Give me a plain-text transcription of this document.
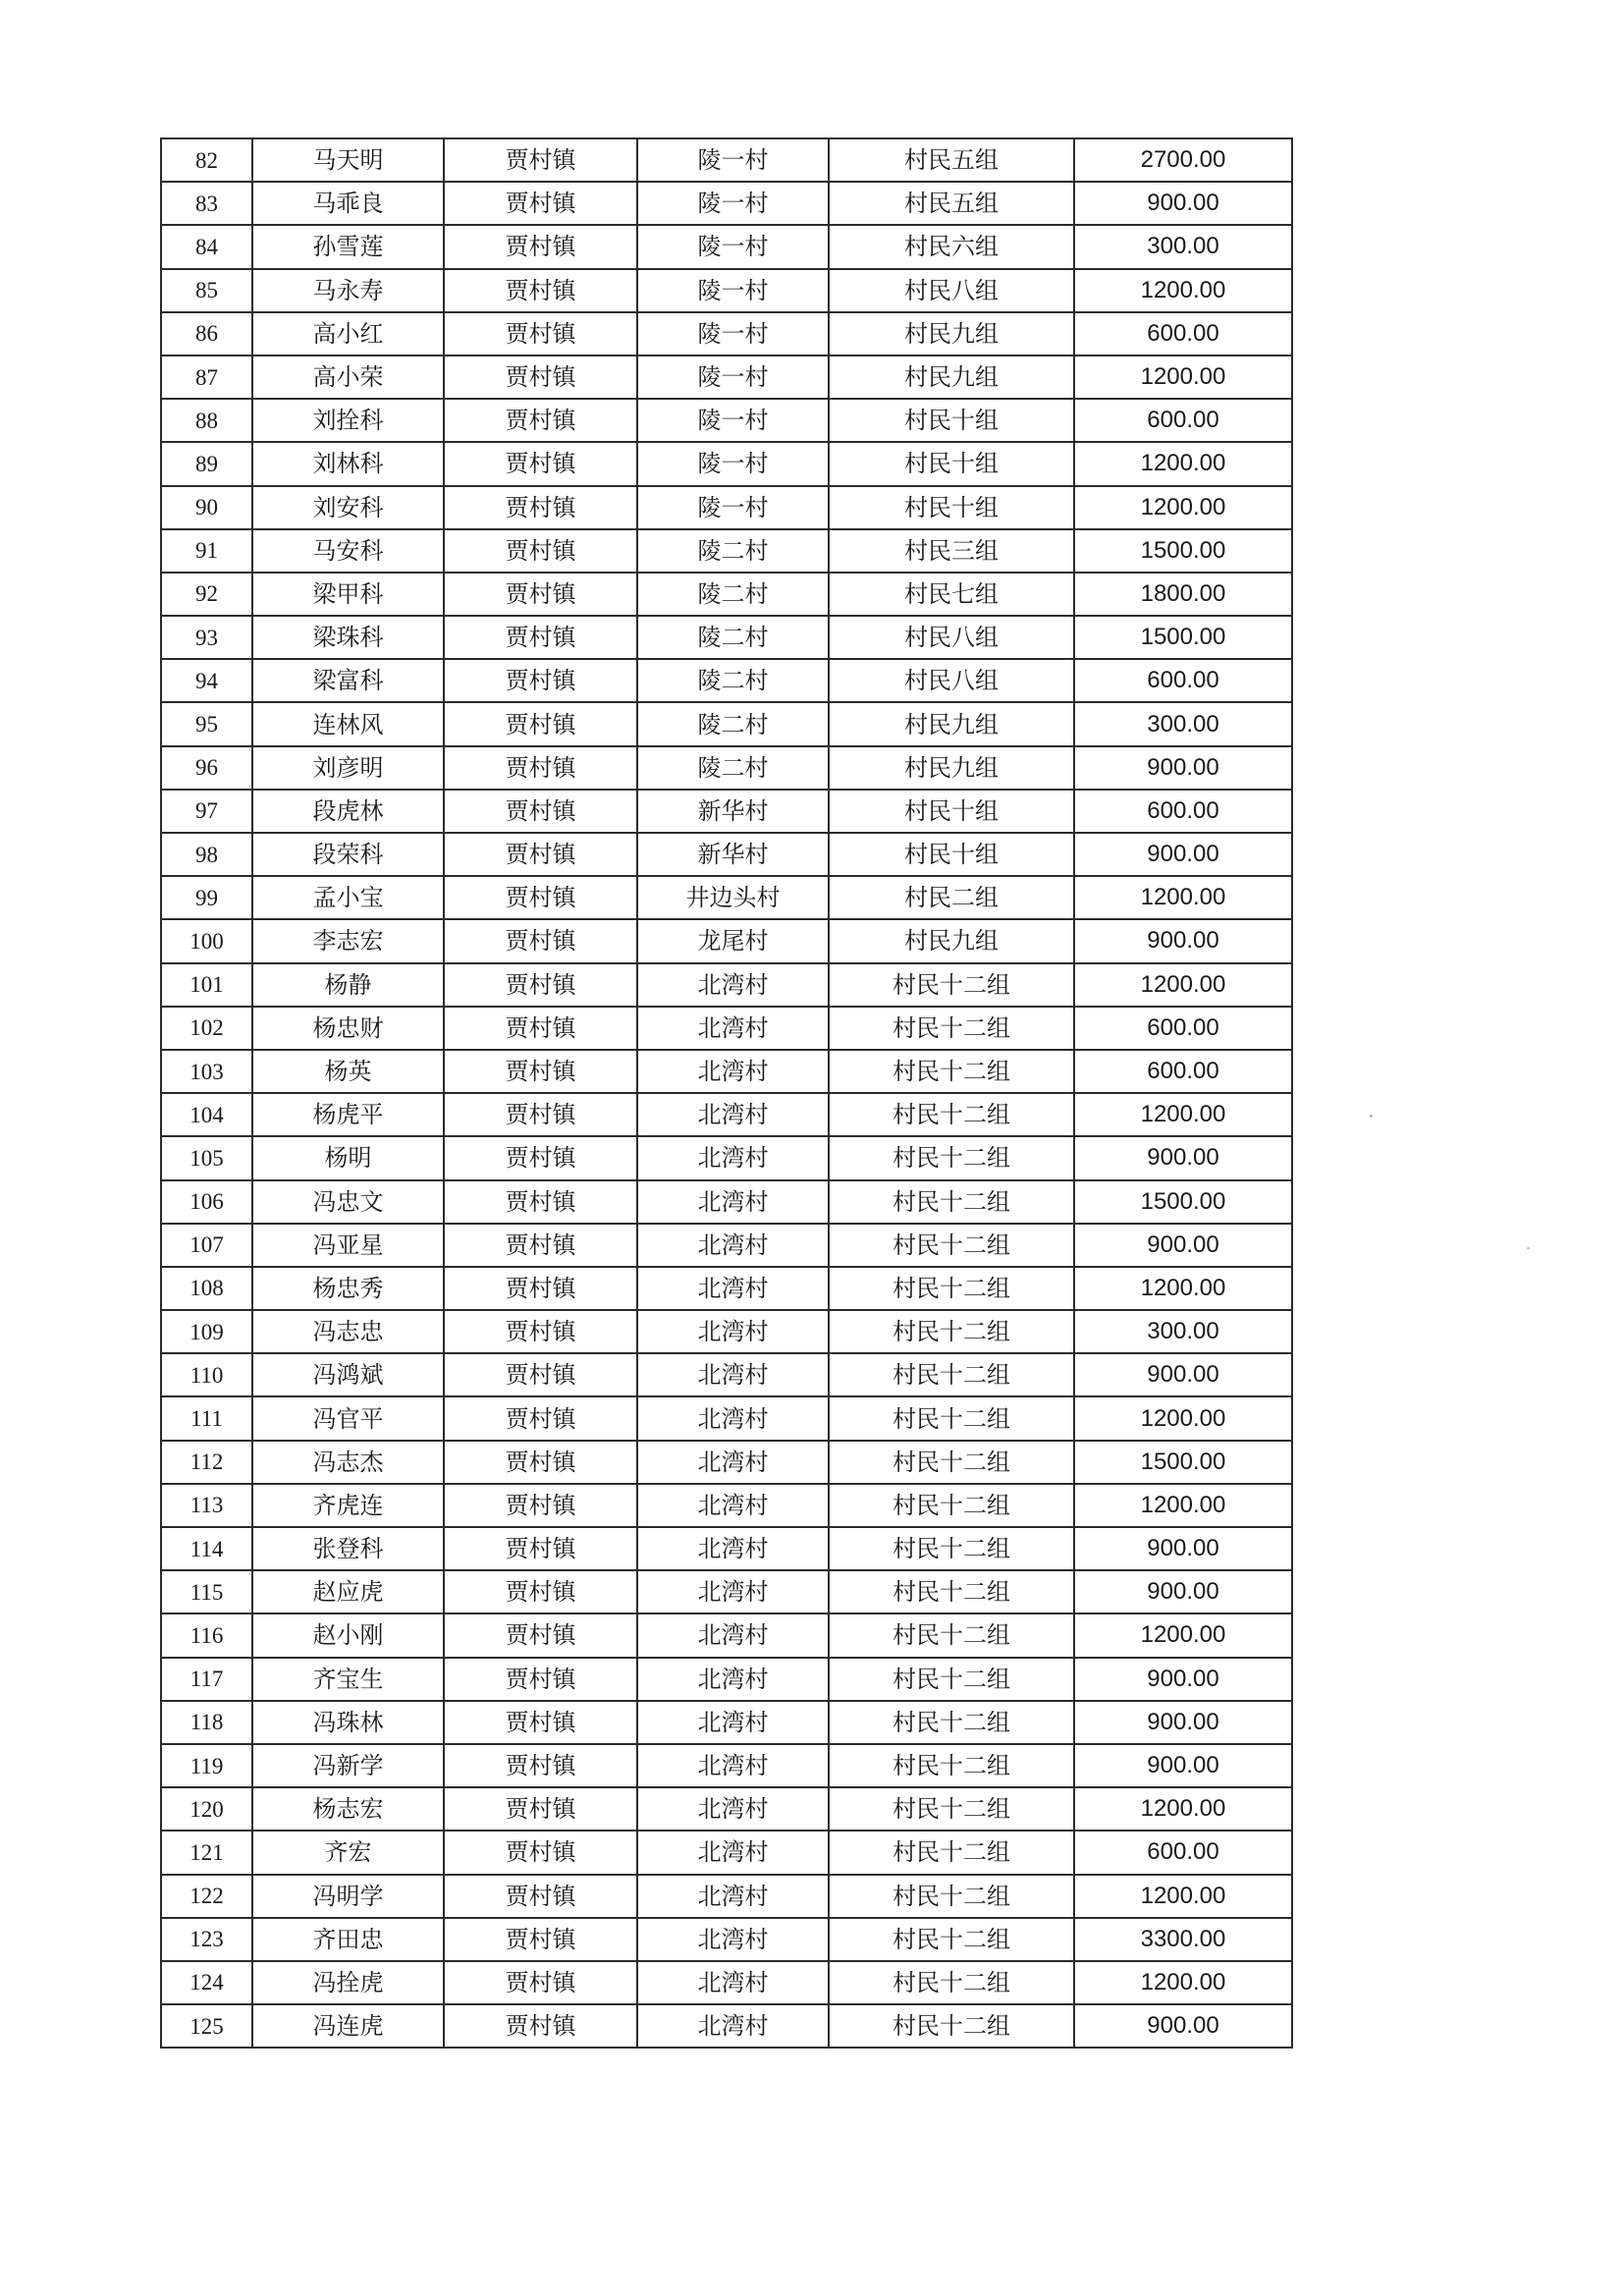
82	马天明	贾村镇	陵一村	村民五组	2700.00
83	马乖良	贾村镇	陵一村	村民五组	900.00
84	孙雪莲	贾村镇	陵一村	村民六组	300.00
85	马永寿	贾村镇	陵一村	村民八组	1200.00
86	高小红	贾村镇	陵一村	村民九组	600.00
87	高小荣	贾村镇	陵一村	村民九组	1200.00
88	刘拴科	贾村镇	陵一村	村民十组	600.00
89	刘林科	贾村镇	陵一村	村民十组	1200.00
90	刘安科	贾村镇	陵一村	村民十组	1200.00
91	马安科	贾村镇	陵二村	村民三组	1500.00
92	梁甲科	贾村镇	陵二村	村民七组	1800.00
93	梁珠科	贾村镇	陵二村	村民八组	1500.00
94	梁富科	贾村镇	陵二村	村民八组	600.00
95	连林风	贾村镇	陵二村	村民九组	300.00
96	刘彦明	贾村镇	陵二村	村民九组	900.00
97	段虎林	贾村镇	新华村	村民十组	600.00
98	段荣科	贾村镇	新华村	村民十组	900.00
99	孟小宝	贾村镇	井边头村	村民二组	1200.00
100	李志宏	贾村镇	龙尾村	村民九组	900.00
101	杨静	贾村镇	北湾村	村民十二组	1200.00
102	杨忠财	贾村镇	北湾村	村民十二组	600.00
103	杨英	贾村镇	北湾村	村民十二组	600.00
104	杨虎平	贾村镇	北湾村	村民十二组	1200.00
105	杨明	贾村镇	北湾村	村民十二组	900.00
106	冯忠文	贾村镇	北湾村	村民十二组	1500.00
107	冯亚星	贾村镇	北湾村	村民十二组	900.00
108	杨忠秀	贾村镇	北湾村	村民十二组	1200.00
109	冯志忠	贾村镇	北湾村	村民十二组	300.00
110	冯鸿斌	贾村镇	北湾村	村民十二组	900.00
111	冯官平	贾村镇	北湾村	村民十二组	1200.00
112	冯志杰	贾村镇	北湾村	村民十二组	1500.00
113	齐虎连	贾村镇	北湾村	村民十二组	1200.00
114	张登科	贾村镇	北湾村	村民十二组	900.00
115	赵应虎	贾村镇	北湾村	村民十二组	900.00
116	赵小刚	贾村镇	北湾村	村民十二组	1200.00
117	齐宝生	贾村镇	北湾村	村民十二组	900.00
118	冯珠林	贾村镇	北湾村	村民十二组	900.00
119	冯新学	贾村镇	北湾村	村民十二组	900.00
120	杨志宏	贾村镇	北湾村	村民十二组	1200.00
121	齐宏	贾村镇	北湾村	村民十二组	600.00
122	冯明学	贾村镇	北湾村	村民十二组	1200.00
123	齐田忠	贾村镇	北湾村	村民十二组	3300.00
124	冯拴虎	贾村镇	北湾村	村民十二组	1200.00
125	冯连虎	贾村镇	北湾村	村民十二组	900.00
